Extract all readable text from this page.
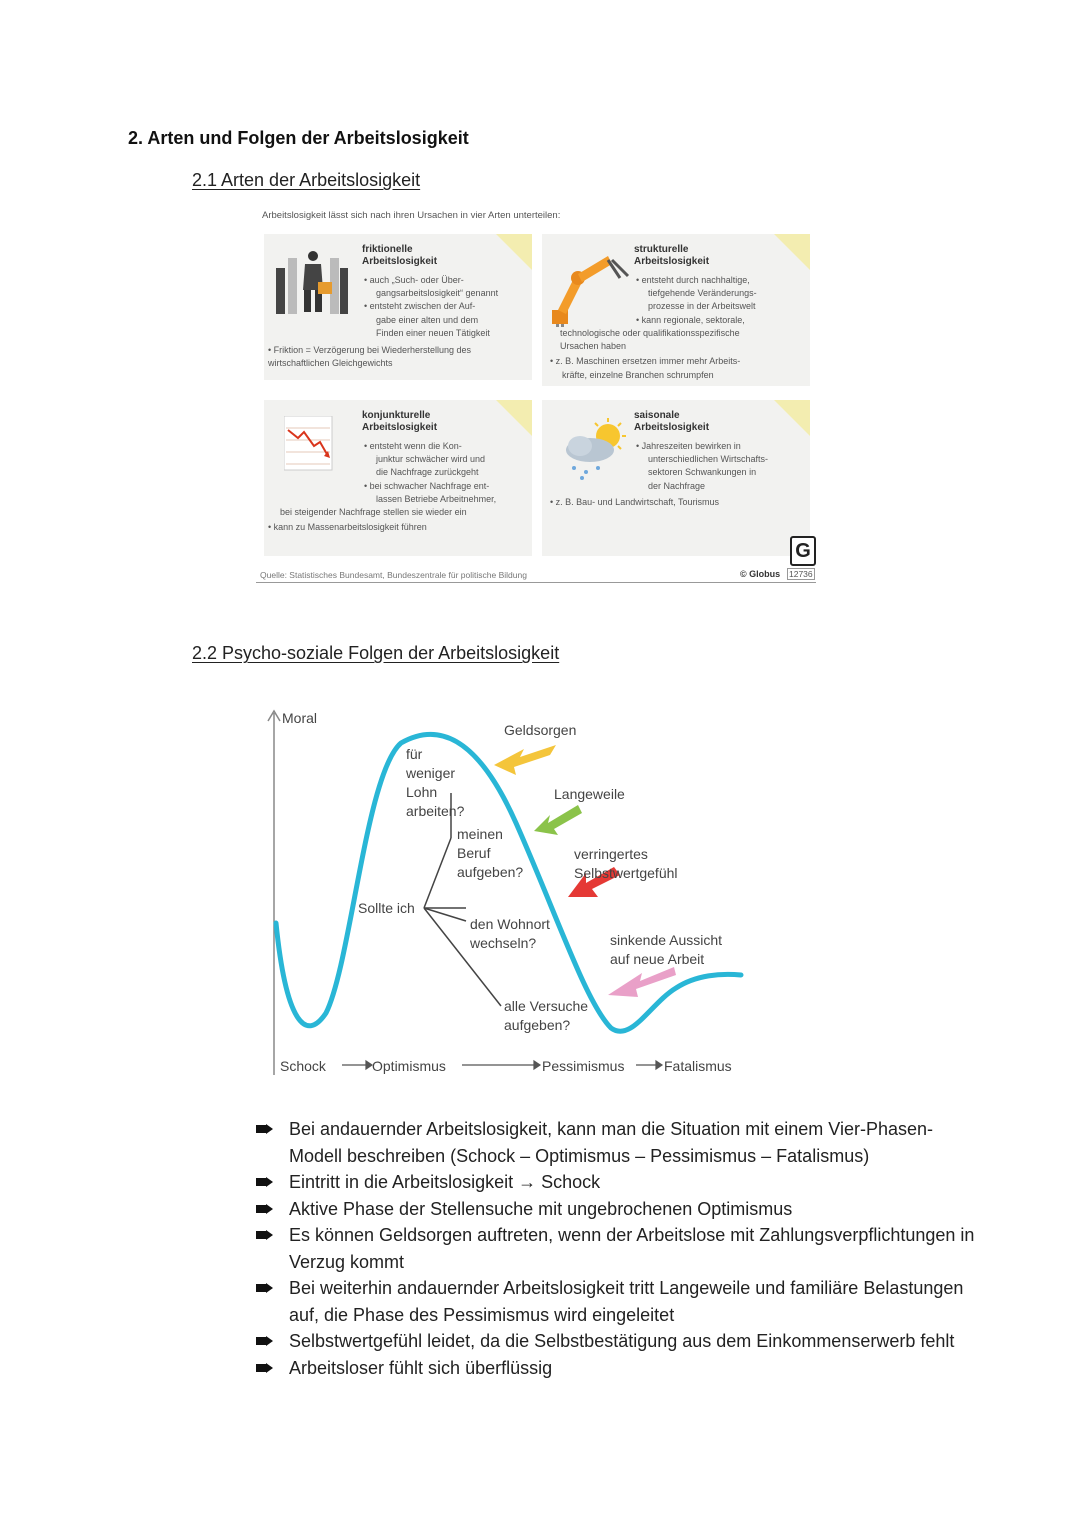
2. Arten und Folgen der Arbeitslosigkeit
2.1 Arten der Arbeitslosigkeit
Arbeitslosigkeit lässt sich nach ihren Ursachen in vier Arten unterteilen:
friktionelle
Arbeitslosigkeit
• auch „Such- oder Über-
gangsarbeitslosigkeit“ genannt
• entsteht zwischen der Auf-
gabe einer alten und dem
Finden einer neuen Tätigkeit
• Friktion = Verzögerung bei Wiederherstellung des
wirtschaftlichen Gleichgewichts
strukturelle
Arbeitslosigkeit
• entsteht durch nachhaltige,
tiefgehende Veränderungs-
prozesse in der Arbeitswelt
• kann regionale, sektorale,
technologische oder qualifikationsspezifische
Ursachen haben
• z. B. Maschinen ersetzen immer mehr Arbeits-
kräfte, einzelne Branchen schrumpfen
konjunkturelle
Arbeitslosigkeit
• entsteht wenn die Kon-
junktur schwächer wird und
die Nachfrage zurückgeht
• bei schwacher Nachfrage ent-
lassen Betriebe Arbeitnehmer,
bei steigender Nachfrage stellen sie wieder ein
• kann zu Massenarbeitslosigkeit führen
saisonale
Arbeitslosigkeit
• Jahreszeiten bewirken in
unterschiedlichen Wirtschafts-
sektoren Schwankungen in
der Nachfrage
• z. B. Bau- und Landwirtschaft, Tourismus
G
Quelle: Statistisches Bundesamt, Bundeszentrale für politische Bildung	© Globus 12736
2.2 Psycho-soziale Folgen der Arbeitslosigkeit
Moral
Geldsorgen
Langeweile
verringertes Selbstwertgefühl
sinkende Aussicht auf neue Arbeit
Sollte ich
für weniger Lohn arbeiten?
meinen Beruf aufgeben?
den Wohnort wechseln?
alle Versuche aufgeben?
Schock	Optimismus	Pessimismus	Fatalismus
Bei andauernder Arbeitslosigkeit, kann man die Situation mit einem Vier-Phasen-Modell beschreiben (Schock – Optimismus – Pessimismus – Fatalismus)
Eintritt in die Arbeitslosigkeit → Schock
Aktive Phase der Stellensuche mit ungebrochenen Optimismus
Es können Geldsorgen auftreten, wenn der Arbeitslose mit Zahlungsverpflichtungen in Verzug kommt
Bei weiterhin andauernder Arbeitslosigkeit tritt Langeweile und familiäre Belastungen auf, die Phase des Pessimismus wird eingeleitet
Selbstwertgefühl leidet, da die Selbstbestätigung aus dem Einkommenserwerb fehlt
Arbeitsloser fühlt sich überflüssig
